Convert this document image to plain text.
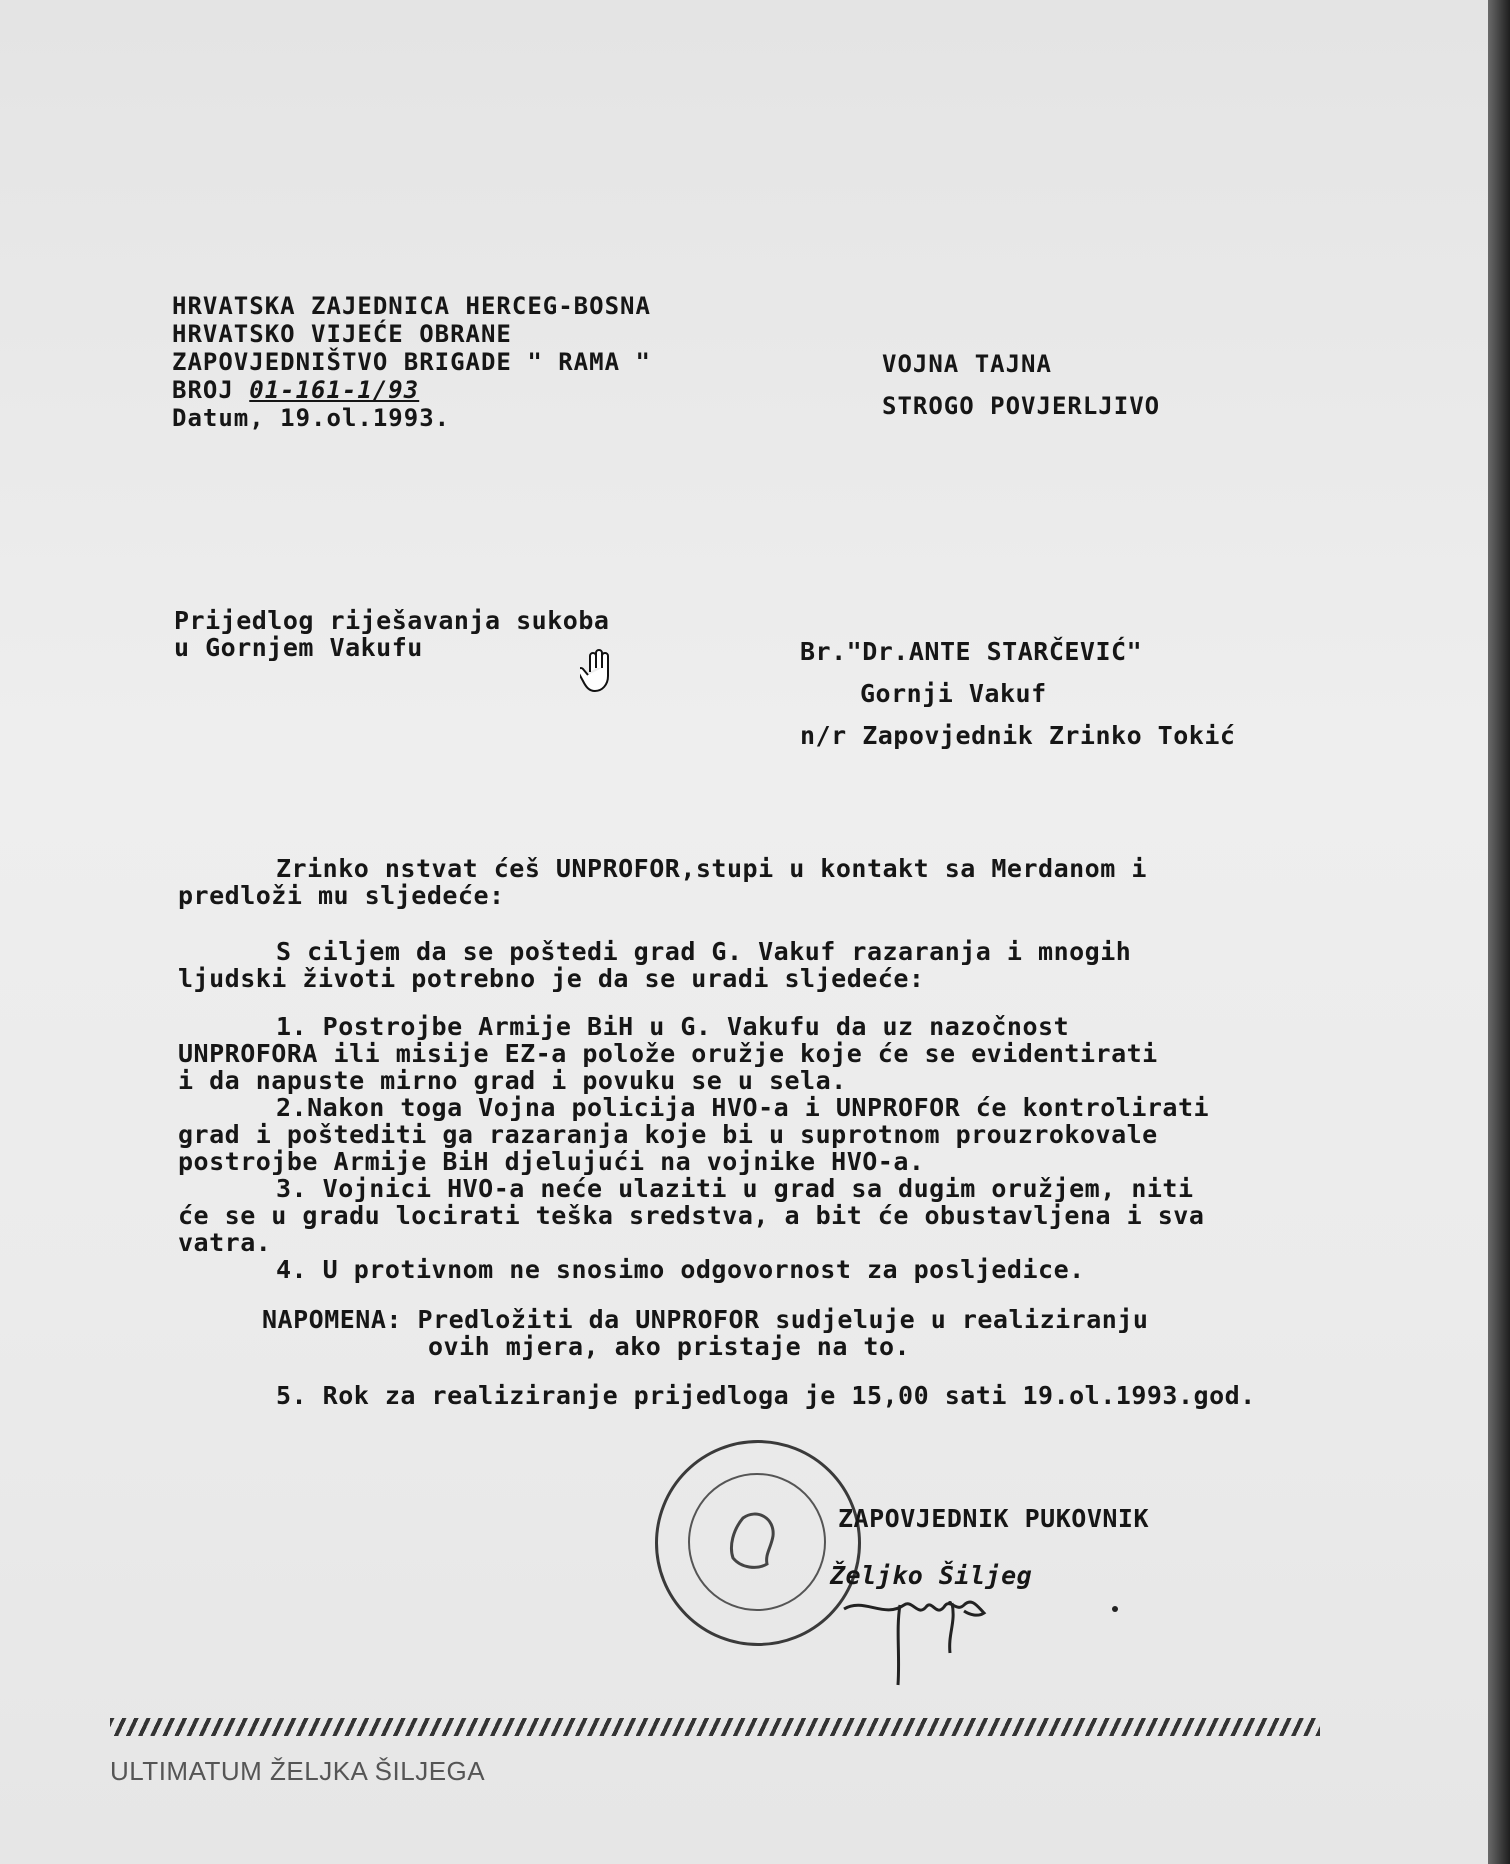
HRVATSKA ZAJEDNICA HERCEG-BOSNA
HRVATSKO VIJEĆE OBRANE
ZAPOVJEDNIŠTVO BRIGADE " RAMA "
BROJ 01-161-1/93
Datum, 19.ol.1993.
VOJNA TAJNA
STROGO POVJERLJIVO
Prijedlog riješavanja sukoba
u Gornjem Vakufu	Br."Dr.ANTE STARČEVIĆ"
Gornji Vakuf
n/r Zapovjednik Zrinko Tokić
Zrinko nstvat ćeš UNPROFOR,stupi u kontakt sa Merdanom i
predloži mu sljedeće:
S ciljem da se poštedi grad G. Vakuf razaranja i mnogih
ljudski životi potrebno je da se uradi sljedeće:
1. Postrojbe Armije BiH u G. Vakufu da uz nazočnost
UNPROFORA ili misije EZ-a polože oružje koje će se evidentirati
i da napuste mirno grad i povuku se u sela.
2.Nakon toga Vojna policija HVO-a i UNPROFOR će kontrolirati
grad i poštediti ga razaranja koje bi u suprotnom prouzrokovale
postrojbe Armije BiH djelujući na vojnike HVO-a.
3. Vojnici HVO-a neće ulaziti u grad sa dugim oružjem, niti
će se u gradu locirati teška sredstva, a bit će obustavljena i sva
vatra.
4. U protivnom ne snosimo odgovornost za posljedice.
NAPOMENA: Predložiti da UNPROFOR sudjeluje u realiziranju
ovih mjera, ako pristaje na to.
5. Rok za realiziranje prijedloga je 15,00 sati 19.ol.1993.god.
ZAPOVJEDNIK PUKOVNIK
Željko Šiljeg
ULTIMATUM ŽELJKA ŠILJEGA
